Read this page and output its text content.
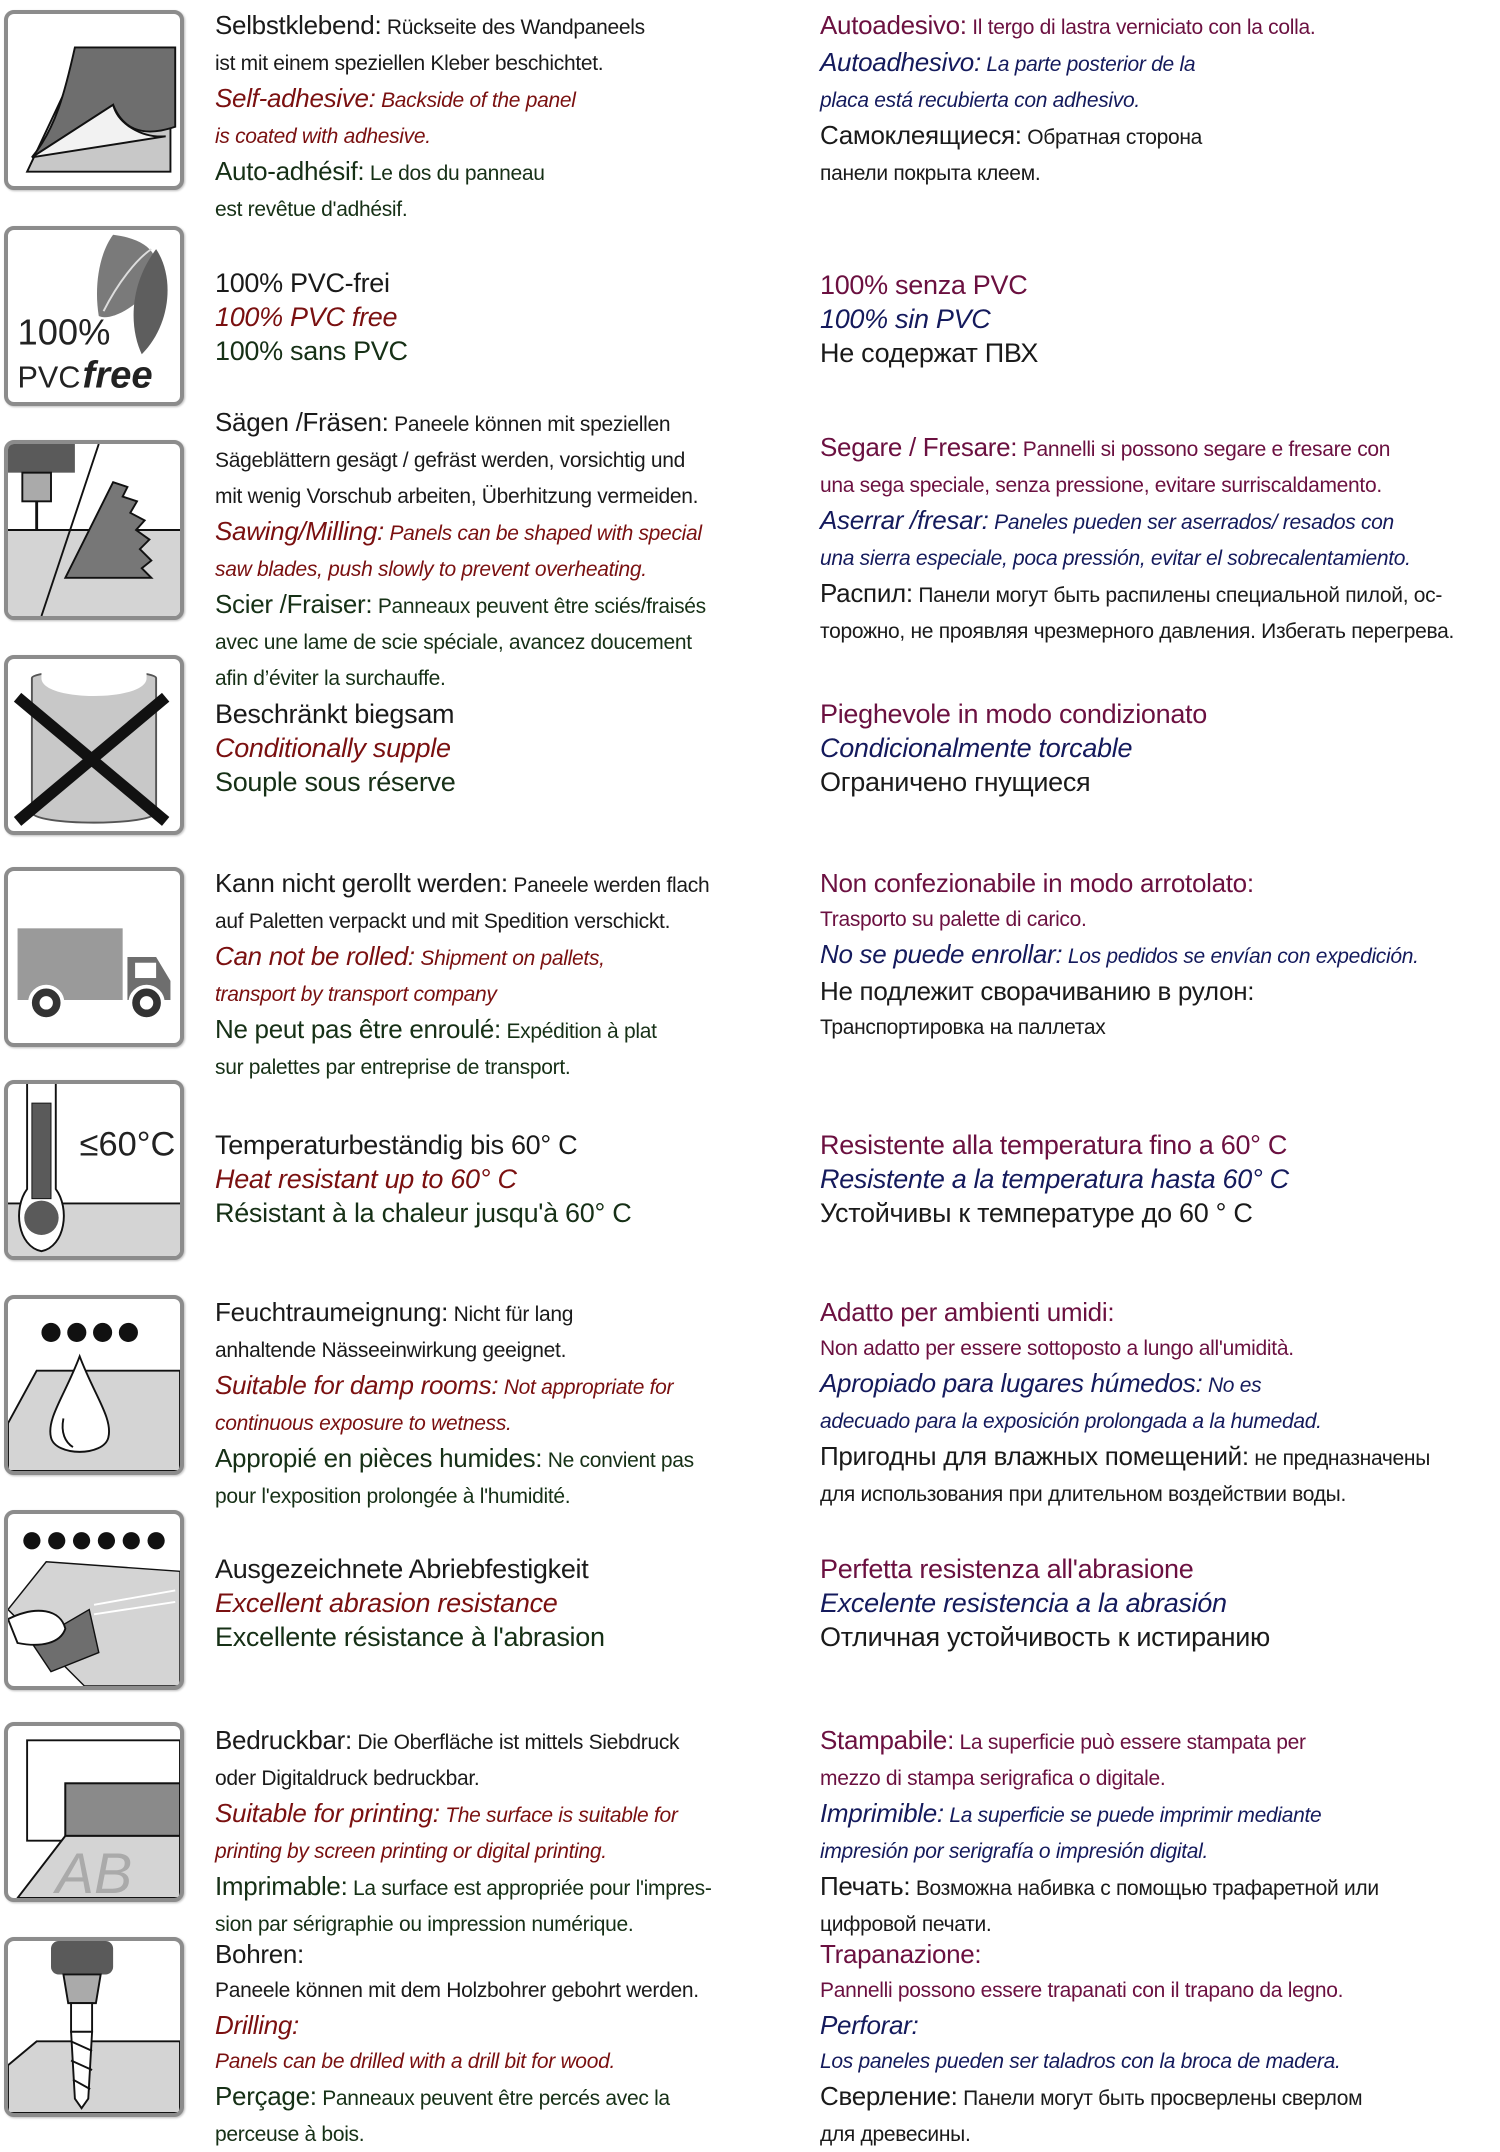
100%
PVC free
≤60°C
AB
Selbstklebend: Rückseite des Wandpaneels
ist mit einem speziellen Kleber beschichtet.
Self-adhesive: Backside of the panel
is coated with adhesive.
Auto-adhésif: Le dos du panneau
est revêtue d'adhésif.
Autoadesivo: Il tergo di lastra verniciato con la colla.
Autoadhesivo: La parte posterior de la
placa está recubierta con adhesivo.
Самоклеящиеся: Обратная сторона
панели покрыта клеем.
100% PVC-frei
100% PVC free
100% sans PVC
100% senza PVC
100% sin PVC
Не содержат ПВХ
Sägen /Fräsen: Paneele können mit speziellen
Sägeblättern gesägt / gefräst werden, vorsichtig und
mit wenig Vorschub arbeiten, Überhitzung vermeiden.
Sawing/Milling: Panels can be shaped with special
saw blades, push slowly to prevent overheating.
Scier /Fraiser: Panneaux peuvent être sciés/fraisés
avec une lame de scie spéciale, avancez doucement
afin d’éviter la surchauffe.
Segare / Fresare: Pannelli si possono segare e fresare con
una sega speciale, senza pressione, evitare surriscaldamento.
Aserrar /fresar: Paneles pueden ser aserrados/ resados con
una sierra especiale, poca pressión, evitar el sobrecalentamiento.
Распил: Панели могут быть распилены специальной пилой, ос-
торожно, не проявляя чрезмерного давления. Избегать перегрева.
Beschränkt biegsam
Conditionally supple
Souple sous réserve
Pieghevole in modo condizionato
Condicionalmente torcable
Ограничено гнущиеся
Kann nicht gerollt werden: Paneele werden flach
auf Paletten verpackt und mit Spedition verschickt.
Can not be rolled: Shipment on pallets,
transport by transport company
Ne peut pas être enroulé: Expédition à plat
sur palettes par entreprise de transport.
Non confezionabile in modo arrotolato:
Trasporto su palette di carico.
No se puede enrollar: Los pedidos se envían con expedición.
Не подлежит сворачиванию в рулон:
Транспортировка на паллетах
Temperaturbeständig bis 60° C
Heat resistant up to 60° C
Résistant à la chaleur jusqu'à 60° C
Resistente alla temperatura fino a 60° C
Resistente a la temperatura hasta 60° C
Устойчивы к температуре до 60 ° C
Feuchtraumeignung: Nicht für lang
anhaltende Nässeeinwirkung geeignet.
Suitable for damp rooms: Not appropriate for
continuous exposure to wetness.
Appropié en pièces humides: Ne convient pas
pour l'exposition prolongée à l'humidité.
Adatto per ambienti umidi:
Non adatto per essere sottoposto a lungo all'umidità.
Apropiado para lugares húmedos: No es
adecuado para la exposición prolongada a la humedad.
Пригодны для влажных помещений: не предназначены
для использования при длительном воздействии воды.
Ausgezeichnete Abriebfestigkeit
Excellent abrasion resistance
Excellente résistance à l'abrasion
Perfetta resistenza all'abrasione
Excelente resistencia a la abrasión
Отличная устойчивость к истиранию
Bedruckbar: Die Oberfläche ist mittels Siebdruck
oder Digitaldruck bedruckbar.
Suitable for printing: The surface is suitable for
printing by screen printing or digital printing.
Imprimable: La surface est appropriée pour l'impres-
sion par sérigraphie ou impression numérique.
Stampabile: La superficie può essere stampata per
mezzo di stampa serigrafica o digitale.
Imprimible: La superficie se puede imprimir mediante
impresión por serigrafía o impresión digital.
Печать: Возможна набивка с помощью трафаретной или
цифровой печати.
Bohren:
Paneele können mit dem Holzbohrer gebohrt werden.
Drilling:
Panels can be drilled with a drill bit for wood.
Perçage: Panneaux peuvent être percés avec la
perceuse à bois.
Trapanazione:
Pannelli possono essere trapanati con il trapano da legno.
Perforar:
Los paneles pueden ser taladros con la broca de madera.
Сверление: Панели могут быть просверлены сверлом
для древесины.
